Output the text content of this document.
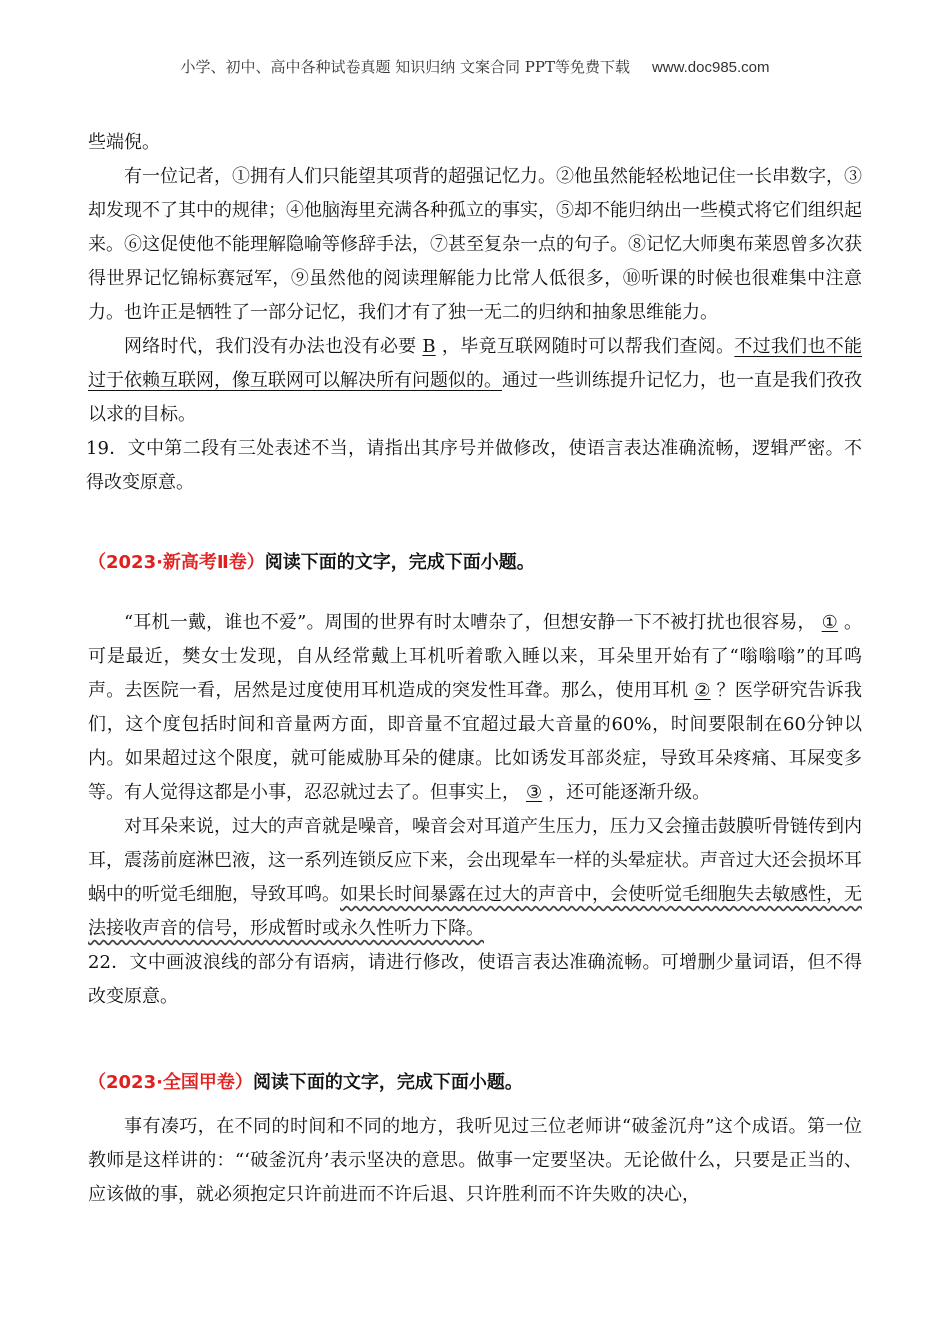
小学、初中、高中各种试卷真题 知识归纳 文案合同 PPT等免费下载 www.doc985.com

些端倪。

有一位记者，①拥有人们只能望其项背的超强记忆力。②他虽然能轻松地记住一长串数字，③却发现不了其中的规律；④他脑海里充满各种孤立的事实，⑤却不能归纳出一些模式将它们组织起来。⑥这促使他不能理解隐喻等修辞手法，⑦甚至复杂一点的句子。⑧记忆大师奥布莱恩曾多次获得世界记忆锦标赛冠军，⑨虽然他的阅读理解能力比常人低很多，⑩听课的时候也很难集中注意力。也许正是牺牲了一部分记忆，我们才有了独一无二的归纳和抽象思维能力。

网络时代，我们没有办法也没有必要 B ，毕竟互联网随时可以帮我们查阅。不过我们也不能过于依赖互联网，像互联网可以解决所有问题似的。通过一些训练提升记忆力，也一直是我们孜孜以求的目标。

19．文中第二段有三处表述不当，请指出其序号并做修改，使语言表达准确流畅，逻辑严密。不得改变原意。

（2023·新高考Ⅱ卷）阅读下面的文字，完成下面小题。

“耳机一戴，谁也不爱”。周围的世界有时太嘈杂了，但想安静一下不被打扰也很容易， ① 。可是最近，樊女士发现，自从经常戴上耳机听着歌入睡以来，耳朵里开始有了“嗡嗡嗡”的耳鸣声。去医院一看，居然是过度使用耳机造成的突发性耳聋。那么，使用耳机 ② ？医学研究告诉我们，这个度包括时间和音量两方面，即音量不宜超过最大音量的60%，时间要限制在60分钟以内。如果超过这个限度，就可能威胁耳朵的健康。比如诱发耳部炎症，导致耳朵疼痛、耳屎变多等。有人觉得这都是小事，忍忍就过去了。但事实上， ③ ，还可能逐渐升级。

对耳朵来说，过大的声音就是噪音，噪音会对耳道产生压力，压力又会撞击鼓膜听骨链传到内耳，震荡前庭淋巴液，这一系列连锁反应下来，会出现晕车一样的头晕症状。声音过大还会损坏耳蜗中的听觉毛细胞，导致耳鸣。如果长时间暴露在过大的声音中，会使听觉毛细胞失去敏感性，无法接收声音的信号，形成暂时或永久性听力下降。

22．文中画波浪线的部分有语病，请进行修改，使语言表达准确流畅。可增删少量词语，但不得改变原意。

（2023·全国甲卷）阅读下面的文字，完成下面小题。

事有凑巧，在不同的时间和不同的地方，我听见过三位老师讲“破釜沉舟”这个成语。第一位教师是这样讲的：“‘破釜沉舟’表示坚决的意思。做事一定要坚决。无论做什么，只要是正当的、应该做的事，就必须抱定只许前进而不许后退、只许胜利而不许失败的决心，
